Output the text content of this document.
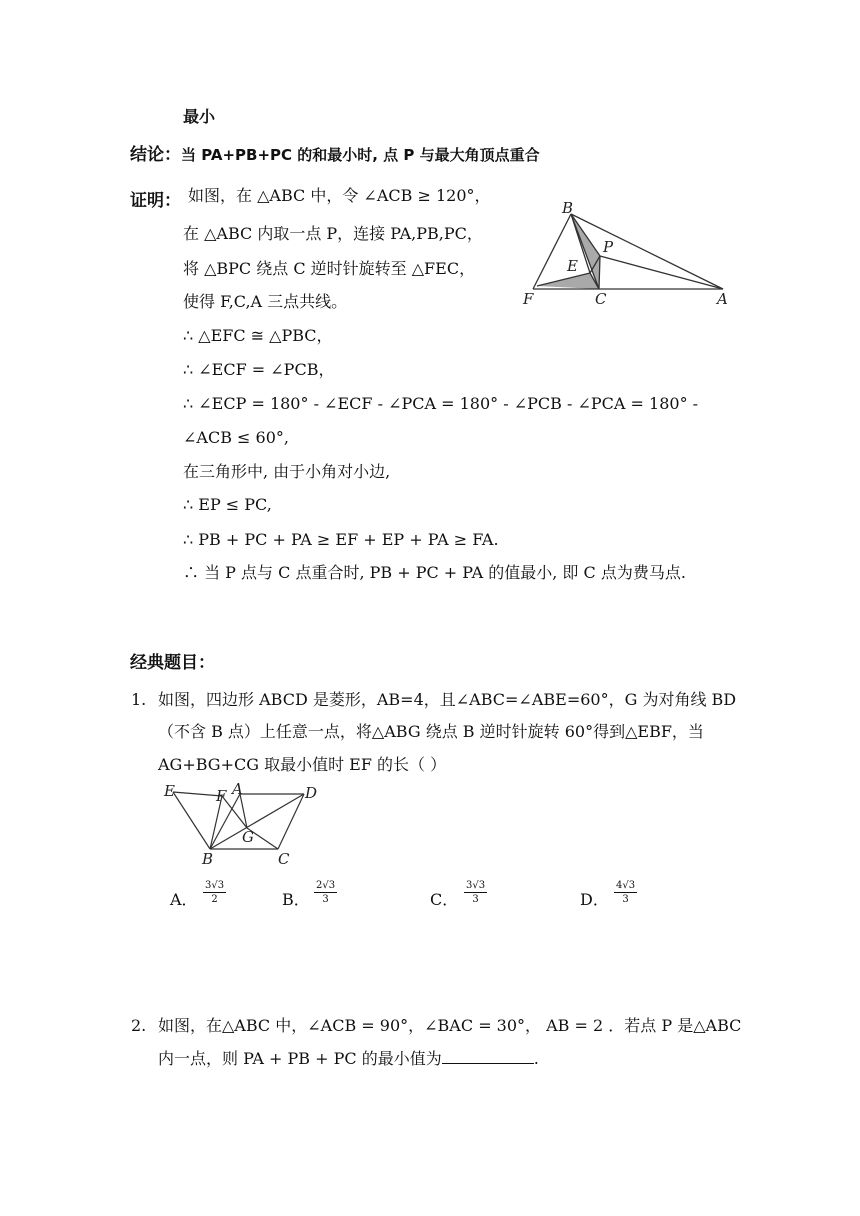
最小
结论：当 PA+PB+PC 的和最小时, 点 P 与最大角顶点重合
证明： 如图，在 △ABC 中，令 ∠ACB ≥ 120°，
在 △ABC 内取一点 P，连接 PA,PB,PC，
将 △BPC 绕点 C 逆时针旋转至 △FEC，
使得 F,C,A 三点共线。
∴ △EFC ≅ △PBC，
∴ ∠ECF = ∠PCB，
∴ ∠ECP = 180° - ∠ECF - ∠PCA = 180° - ∠PCB - ∠PCA = 180° -
∠ACB ≤ 60°,
在三角形中, 由于小角对小边,
∴ EP ≤ PC,
∴ PB + PC + PA ≥ EF + EP + PA ≥ FA.
∴ 当 P 点与 C 点重合时, PB + PC + PA 的值最小, 即 C 点为费马点.
B
P
E
F	C	A
经典题目：
1. 如图，四边形 ABCD 是菱形，AB=4，且∠ABC=∠ABE=60°，G 为对角线 BD
（不含 B 点）上任意一点，将△ABG 绕点 B 逆时针旋转 60°得到△EBF，当
AG+BG+CG 取最小值时 EF 的长（ ）
E	F A	D
G
B	C
A． $\frac{3√3}{2}$	B． $\frac{2√3}{3}$	C． $\frac{3√3}{3}$	D． $\frac{4√3}{3}$
2. 如图，在△ABC 中，∠ACB = 90°，∠BAC = 30°， AB = 2 ．若点 P 是△ABC
内一点，则 PA + PB + PC 的最小值为	.
